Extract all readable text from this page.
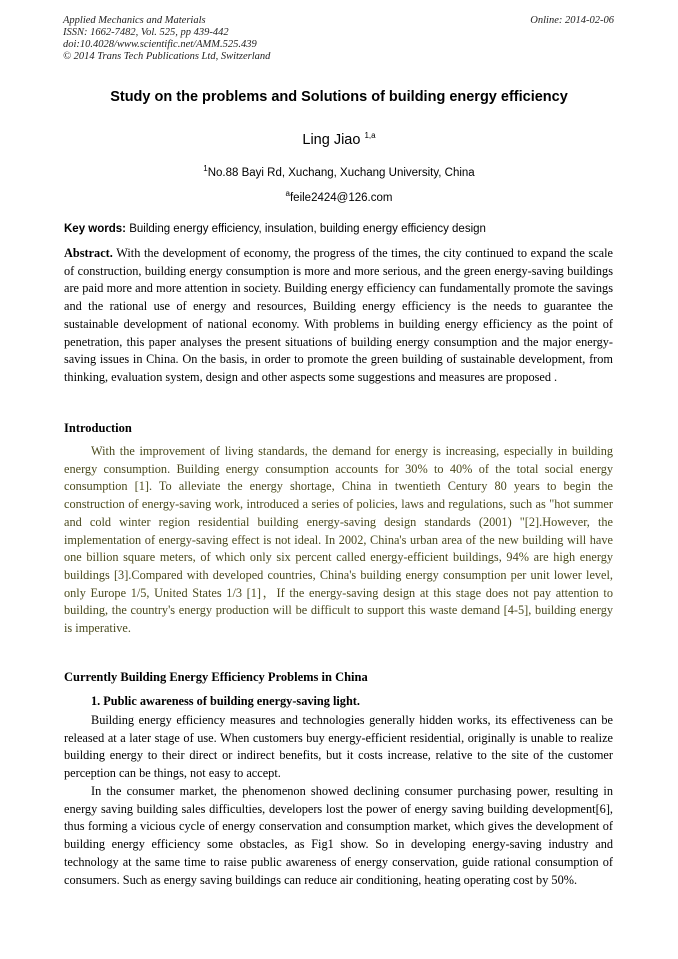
Applied Mechanics and Materials
ISSN: 1662-7482, Vol. 525, pp 439-442
doi:10.4028/www.scientific.net/AMM.525.439
© 2014 Trans Tech Publications Ltd, Switzerland
Online: 2014-02-06
Study on the problems and Solutions of building energy efficiency
Ling Jiao $^{1,a}$
$^1$No.88 Bayi Rd, Xuchang, Xuchang University, China
$^a$feile2424@126.com
Key words: Building energy efficiency, insulation, building energy efficiency design
Abstract. With the development of economy, the progress of the times, the city continued to expand the scale of construction, building energy consumption is more and more serious, and the green energy-saving buildings are paid more and more attention in society. Building energy efficiency can fundamentally promote the savings and the rational use of energy and resources, Building energy efficiency is the needs to guarantee the sustainable development of national economy. With problems in building energy efficiency as the point of penetration, this paper analyses the present situations of building energy consumption and the major energy-saving issues in China. On the basis, in order to promote the green building of sustainable development, from thinking, evaluation system, design and other aspects some suggestions and measures are proposed .
Introduction
With the improvement of living standards, the demand for energy is increasing, especially in building energy consumption. Building energy consumption accounts for 30% to 40% of the total social energy consumption [1]. To alleviate the energy shortage, China in twentieth Century 80 years to begin the construction of energy-saving work, introduced a series of policies, laws and regulations, such as "hot summer and cold winter region residential building energy-saving design standards (2001) "[2].However, the implementation of energy-saving effect is not ideal. In 2002, China's urban area of the new building will have one billion square meters, of which only six percent called energy-efficient buildings, 94% are high energy buildings [3].Compared with developed countries, China's building energy consumption per unit lower level, only Europe 1/5, United States 1/3 [1]，If the energy-saving design at this stage does not pay attention to building, the country's energy production will be difficult to support this waste demand [4-5], building energy is imperative.
Currently Building Energy Efficiency Problems in China
1. Public awareness of building energy-saving light.
Building energy efficiency measures and technologies generally hidden works, its effectiveness can be released at a later stage of use. When customers buy energy-efficient residential, originally is unable to realize building energy to their direct or indirect benefits, but it costs increase, relative to the site of the customer perception can be things, not easy to accept.
In the consumer market, the phenomenon showed declining consumer purchasing power, resulting in energy saving building sales difficulties, developers lost the power of energy saving building development[6], thus forming a vicious cycle of energy conservation and consumption market, which gives the development of building energy efficiency some obstacles, as Fig1 show. So in developing energy-saving industry and technology at the same time to raise public awareness of energy conservation, guide rational consumption of consumers. Such as energy saving buildings can reduce air conditioning, heating operating cost by 50%.
